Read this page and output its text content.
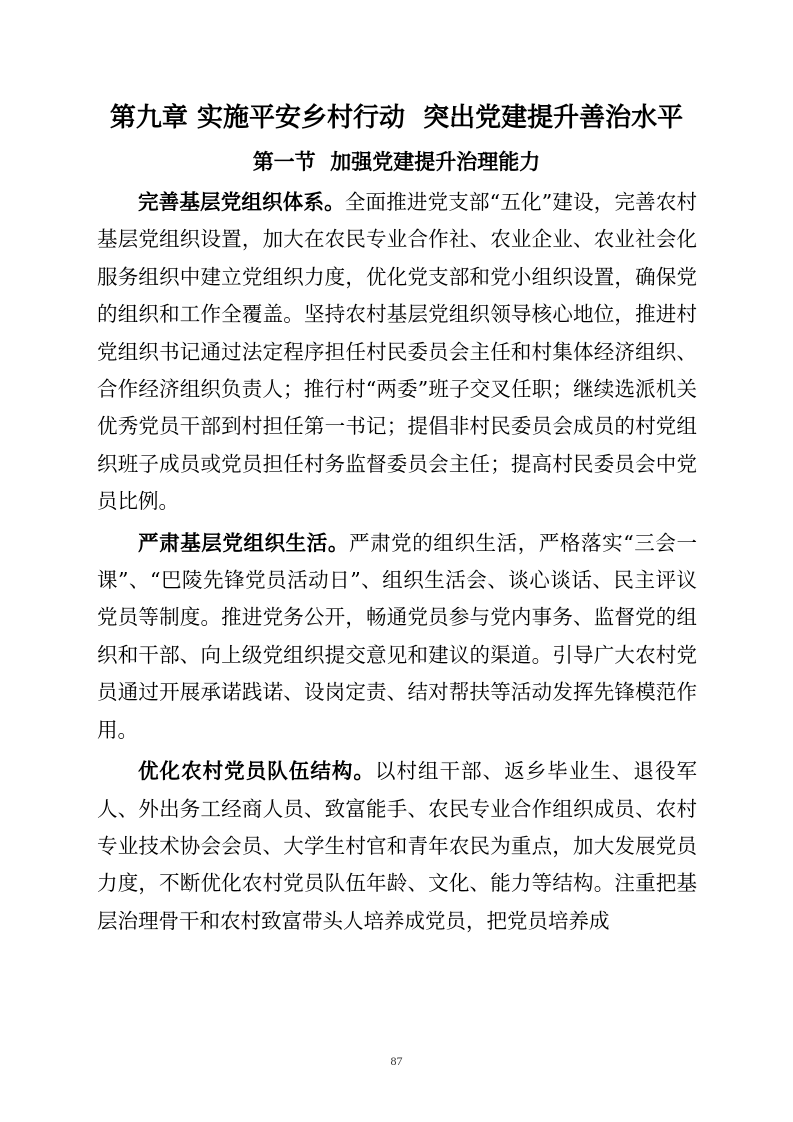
第九章 实施平安乡村行动  突出党建提升善治水平
第一节  加强党建提升治理能力

完善基层党组织体系。全面推进党支部“五化”建设，完善农村基层党组织设置，加大在农民专业合作社、农业企业、农业社会化服务组织中建立党组织力度，优化党支部和党小组织设置，确保党的组织和工作全覆盖。坚持农村基层党组织领导核心地位，推进村党组织书记通过法定程序担任村民委员会主任和村集体经济组织、合作经济组织负责人；推行村“两委”班子交叉任职；继续选派机关优秀党员干部到村担任第一书记；提倡非村民委员会成员的村党组织班子成员或党员担任村务监督委员会主任；提高村民委员会中党员比例。

严肃基层党组织生活。严肃党的组织生活，严格落实“三会一课”、“巴陵先锋党员活动日”、组织生活会、谈心谈话、民主评议党员等制度。推进党务公开，畅通党员参与党内事务、监督党的组织和干部、向上级党组织提交意见和建议的渠道。引导广大农村党员通过开展承诺践诺、设岗定责、结对帮扶等活动发挥先锋模范作用。

优化农村党员队伍结构。以村组干部、返乡毕业生、退役军人、外出务工经商人员、致富能手、农民专业合作组织成员、农村专业技术协会会员、大学生村官和青年农民为重点，加大发展党员力度，不断优化农村党员队伍年龄、文化、能力等结构。注重把基层治理骨干和农村致富带头人培养成党员，把党员培养成

87
